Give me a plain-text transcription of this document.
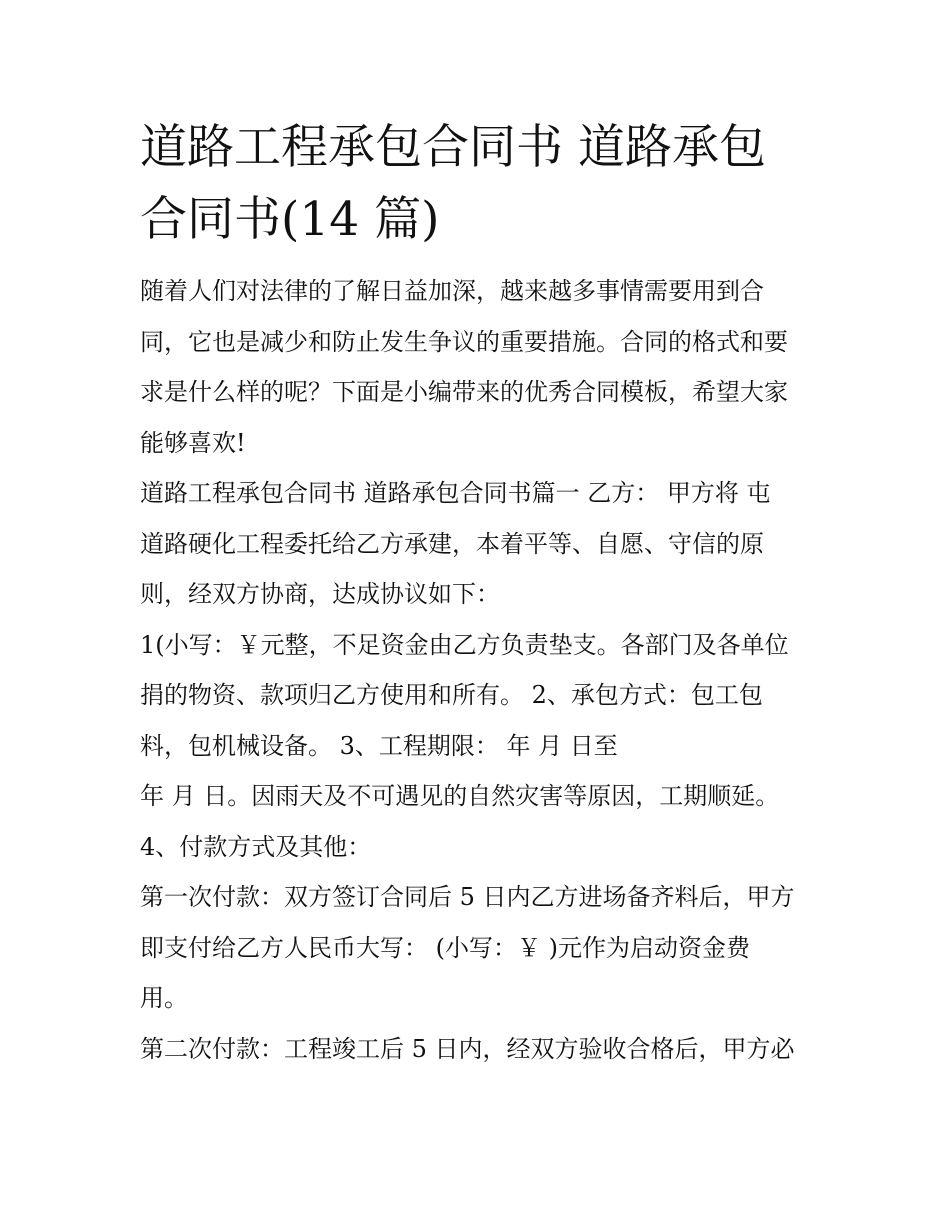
道路工程承包合同书 道路承包
合同书(14 篇)

随着人们对法律的了解日益加深，越来越多事情需要用到合
同，它也是减少和防止发生争议的重要措施。合同的格式和要
求是什么样的呢？下面是小编带来的优秀合同模板，希望大家
能够喜欢!

道路工程承包合同书 道路承包合同书篇一 乙方： 甲方将 屯
道路硬化工程委托给乙方承建，本着平等、自愿、守信的原
则，经双方协商，达成协议如下：

1(小写：￥元整，不足资金由乙方负责垫支。各部门及各单位
捐的物资、款项归乙方使用和所有。 2、承包方式：包工包
料，包机械设备。 3、工程期限： 年 月 日至

年 月 日。因雨天及不可遇见的自然灾害等原因，工期顺延。

4、付款方式及其他：

第一次付款：双方签订合同后 5 日内乙方进场备齐料后，甲方
即支付给乙方人民币大写： (小写：￥ )元作为启动资金费
用。

第二次付款：工程竣工后 5 日内，经双方验收合格后，甲方必
